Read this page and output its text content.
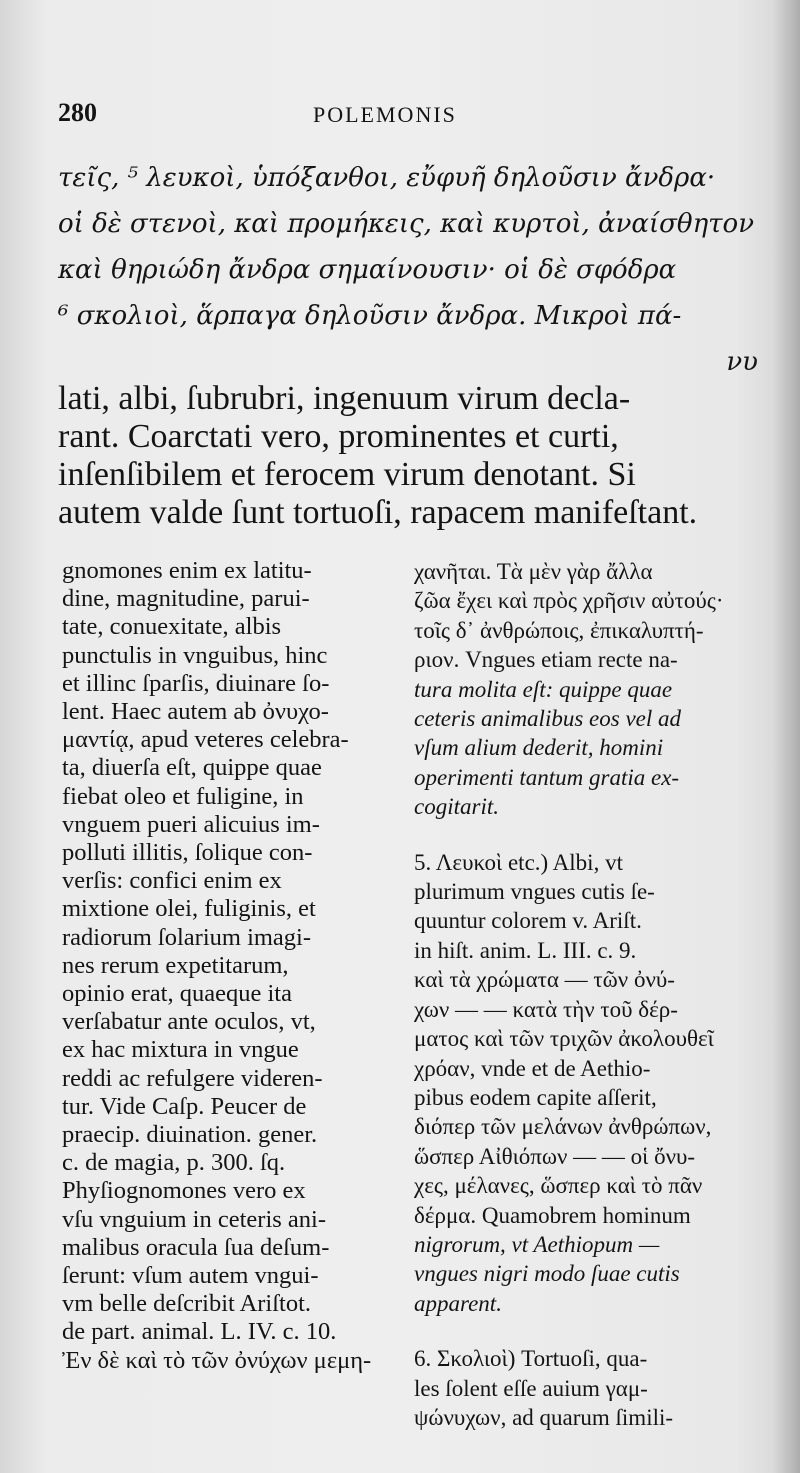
280	POLEMONIS
τεῖς, ⁵ λευκοὶ, ὑπόξανθοι, εὔφυῆ δηλοῦσιν ἄνδρα·
οἱ δὲ στενοὶ, καὶ προμήκεις, καὶ κυρτοὶ, ἀναίσθητον
καὶ θηριώδη ἄνδρα σημαίνουσιν· οἱ δὲ σφόδρα
⁶ σκολιοὶ, ἅρπαγα δηλοῦσιν ἄνδρα. Μικροὶ πά-
νυ
lati, albi, ſubrubri, ingenuum virum decla-
rant. Coarctati vero, prominentes et curti,
inſenſibilem et ferocem virum denotant. Si
autem valde ſunt tortuoſi, rapacem manifeſtant.
gnomones enim ex latitu-
dine, magnitudine, parui-
tate, conuexitate, albis
punctulis in vnguibus, hinc
et illinc ſparſis, diuinare ſo-
lent. Haec autem ab ὀνυχο-
μαντίᾳ, apud veteres celebra-
ta, diuerſa eſt, quippe quae
fiebat oleo et fuligine, in
vnguem pueri alicuius im-
polluti illitis, ſolique con-
verſis: confici enim ex
mixtione olei, fuliginis, et
radiorum ſolarium imagi-
nes rerum expetitarum,
opinio erat, quaeque ita
verſabatur ante oculos, vt,
ex hac mixtura in vngue
reddi ac refulgere videren-
tur. Vide Caſp. Peucer de
praecip. diuination. gener.
c. de magia, p. 300. ſq.
Phyſiognomones vero ex
vſu vnguium in ceteris ani-
malibus oracula ſua deſum-
ſerunt: vſum autem vngui-
vm belle deſcribit Ariſtot.
de part. animal. L. IV. c. 10.
Ἐν δὲ καὶ τὸ τῶν ὀνύχων μεμη-
χανῆται. Τὰ μὲν γὰρ ἄλλα
ζῶα ἔχει καὶ πρὸς χρῆσιν αὐτούς·
τοῖς δ᾽ ἀνθρώποις, ἐπικαλυπτή-
ριον. Vngues etiam recte na-
tura molita eſt: quippe quae
ceteris animalibus eos vel ad
vſum alium dederit, homini
operimenti tantum gratia ex-
cogitarit.
5. Λευκοὶ etc.) Albi, vt
plurimum vngues cutis ſe-
quuntur colorem v. Ariſt.
in hiſt. anim. L. III. c. 9.
καὶ τὰ χρώματα — τῶν ὀνύ-
χων — — κατὰ τὴν τοῦ δέρ-
ματος καὶ τῶν τριχῶν ἀκολουθεῖ
χρόαν, vnde et de Aethio-
pibus eodem capite aſſerit,
διόπερ τῶν μελάνων ἀνθρώπων,
ὥσπερ Αἰθιόπων — — οἱ ὄνυ-
χες, μέλανες, ὥσπερ καὶ τὸ πᾶν
δέρμα. Quamobrem hominum
nigrorum, vt Aethiopum —
vngues nigri modo ſuae cutis
apparent.
6. Σκολιοὶ) Tortuoſi, qua-
les ſolent eſſe auium γαμ-
ψώνυχων, ad quarum ſimili-
